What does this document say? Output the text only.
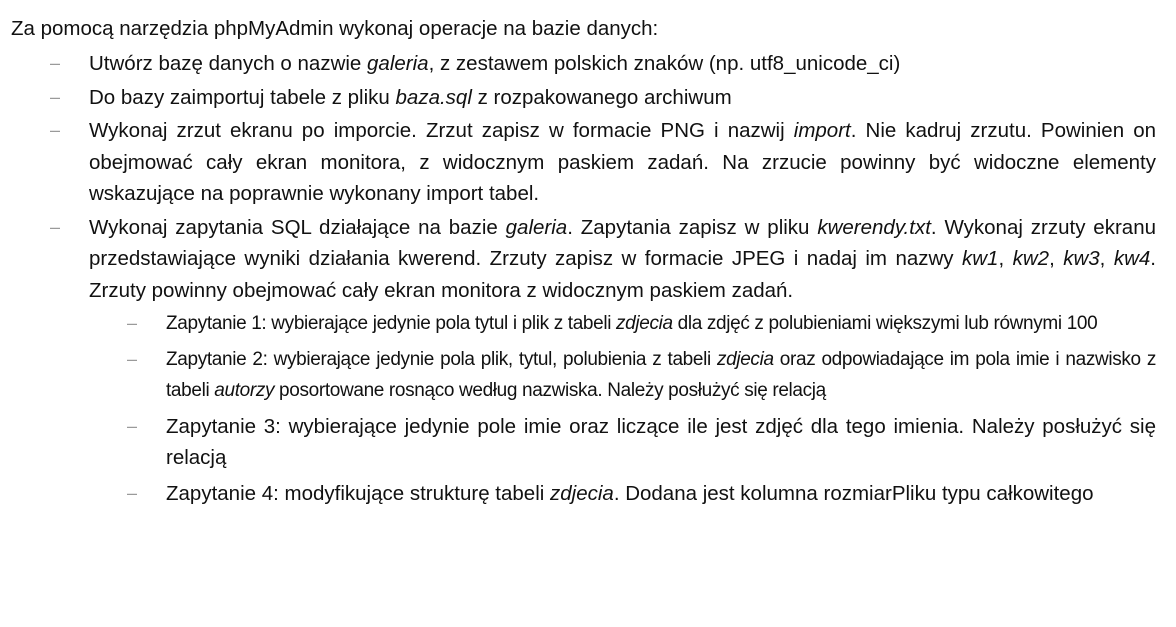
Za pomocą narzędzia phpMyAdmin wykonaj operacje na bazie danych:
– Utwórz bazę danych o nazwie galeria, z zestawem polskich znaków (np. utf8_unicode_ci)
– Do bazy zaimportuj tabele z pliku baza.sql z rozpakowanego archiwum
– Wykonaj zrzut ekranu po imporcie. Zrzut zapisz w formacie PNG i nazwij import. Nie kadruj zrzutu. Powinien on obejmować cały ekran monitora, z widocznym paskiem zadań. Na zrzucie powinny być widoczne elementy wskazujące na poprawnie wykonany import tabel.
– Wykonaj zapytania SQL działające na bazie galeria. Zapytania zapisz w pliku kwerendy.txt. Wykonaj zrzuty ekranu przedstawiające wyniki działania kwerend. Zrzuty zapisz w formacie JPEG i nadaj im nazwy kw1, kw2, kw3, kw4. Zrzuty powinny obejmować cały ekran monitora z widocznym paskiem zadań.
– Zapytanie 1: wybierające jedynie pola tytul i plik z tabeli zdjecia dla zdjęć z polubieniami większymi lub równymi 100
– Zapytanie 2: wybierające jedynie pola plik, tytul, polubienia z tabeli zdjecia oraz odpowiadające im pola imie i nazwisko z tabeli autorzy posortowane rosnąco według nazwiska. Należy posłużyć się relacją
– Zapytanie 3: wybierające jedynie pole imie oraz liczące ile jest zdjęć dla tego imienia. Należy posłużyć się relacją
– Zapytanie 4: modyfikujące strukturę tabeli zdjecia. Dodana jest kolumna rozmiarPliku typu całkowitego
